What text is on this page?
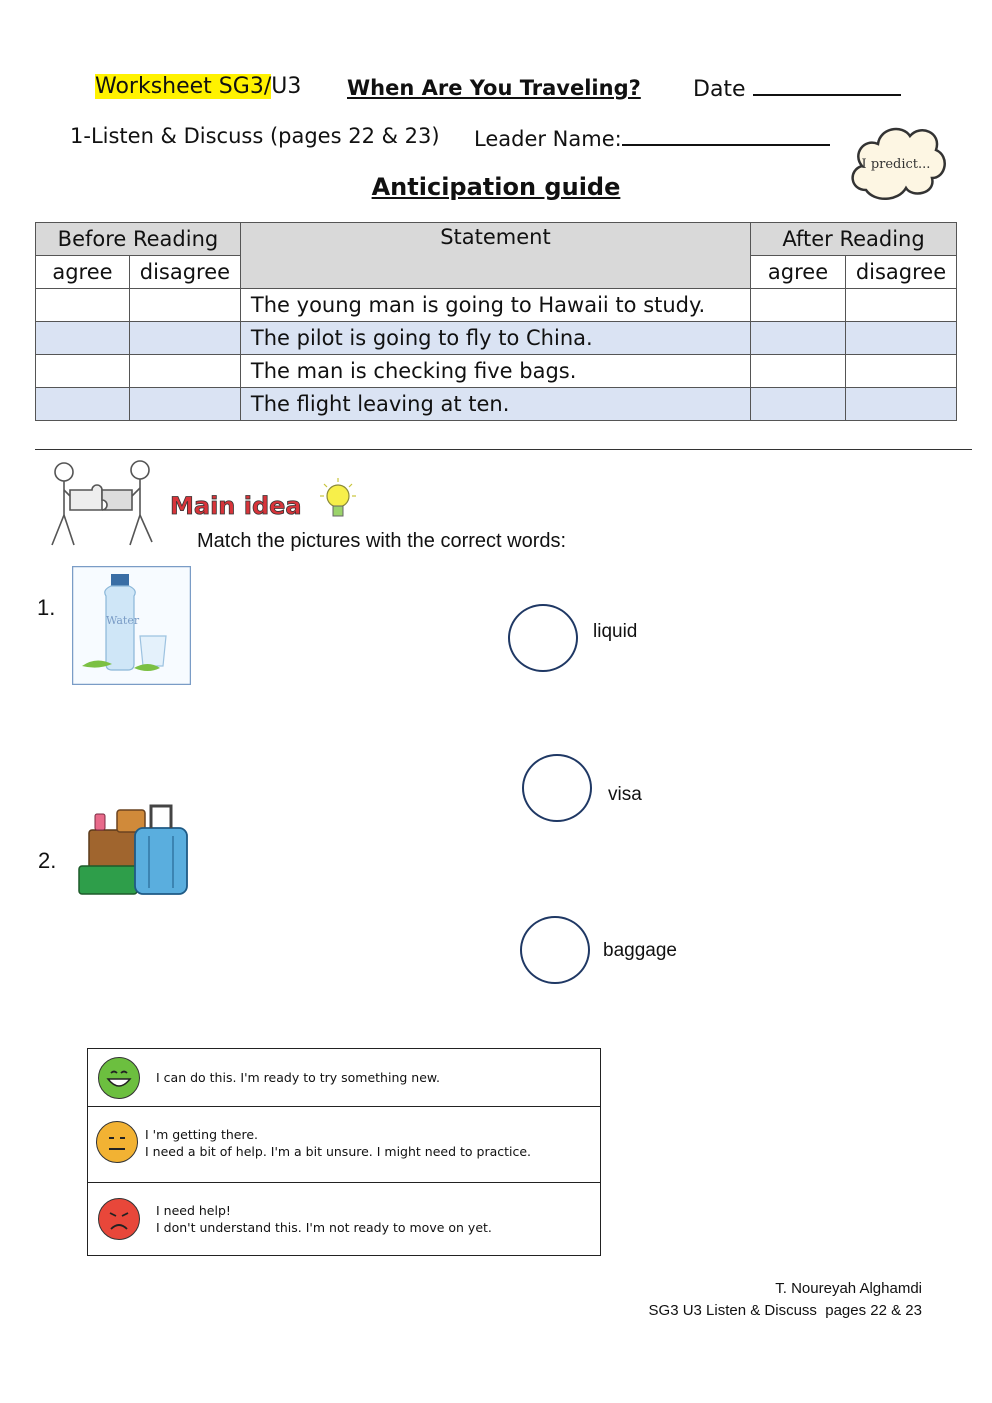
Worksheet SG3/U3 When Are You Traveling? Date
1-Listen & Discuss (pages 22 & 23) Leader Name:
I predict...
Anticipation guide
Before Reading		Statement	After Reading	
agree	disagree		agree	disagree
		The young man is going to Hawaii to study.		
		The pilot is going to fly to China.		
		The man is checking five bags.		
		The flight leaving at ten.		
Main idea
Match the pictures with the correct words:
1.
Water
2.
liquid
visa
baggage
I can do this. I'm ready to try something new.
I 'm getting there.
I need a bit of help. I'm a bit unsure. I might need to practice.
I need help!
I don't understand this. I'm not ready to move on yet.
T. Noureyah Alghamdi
SG3 U3 Listen & Discuss  pages 22 & 23
